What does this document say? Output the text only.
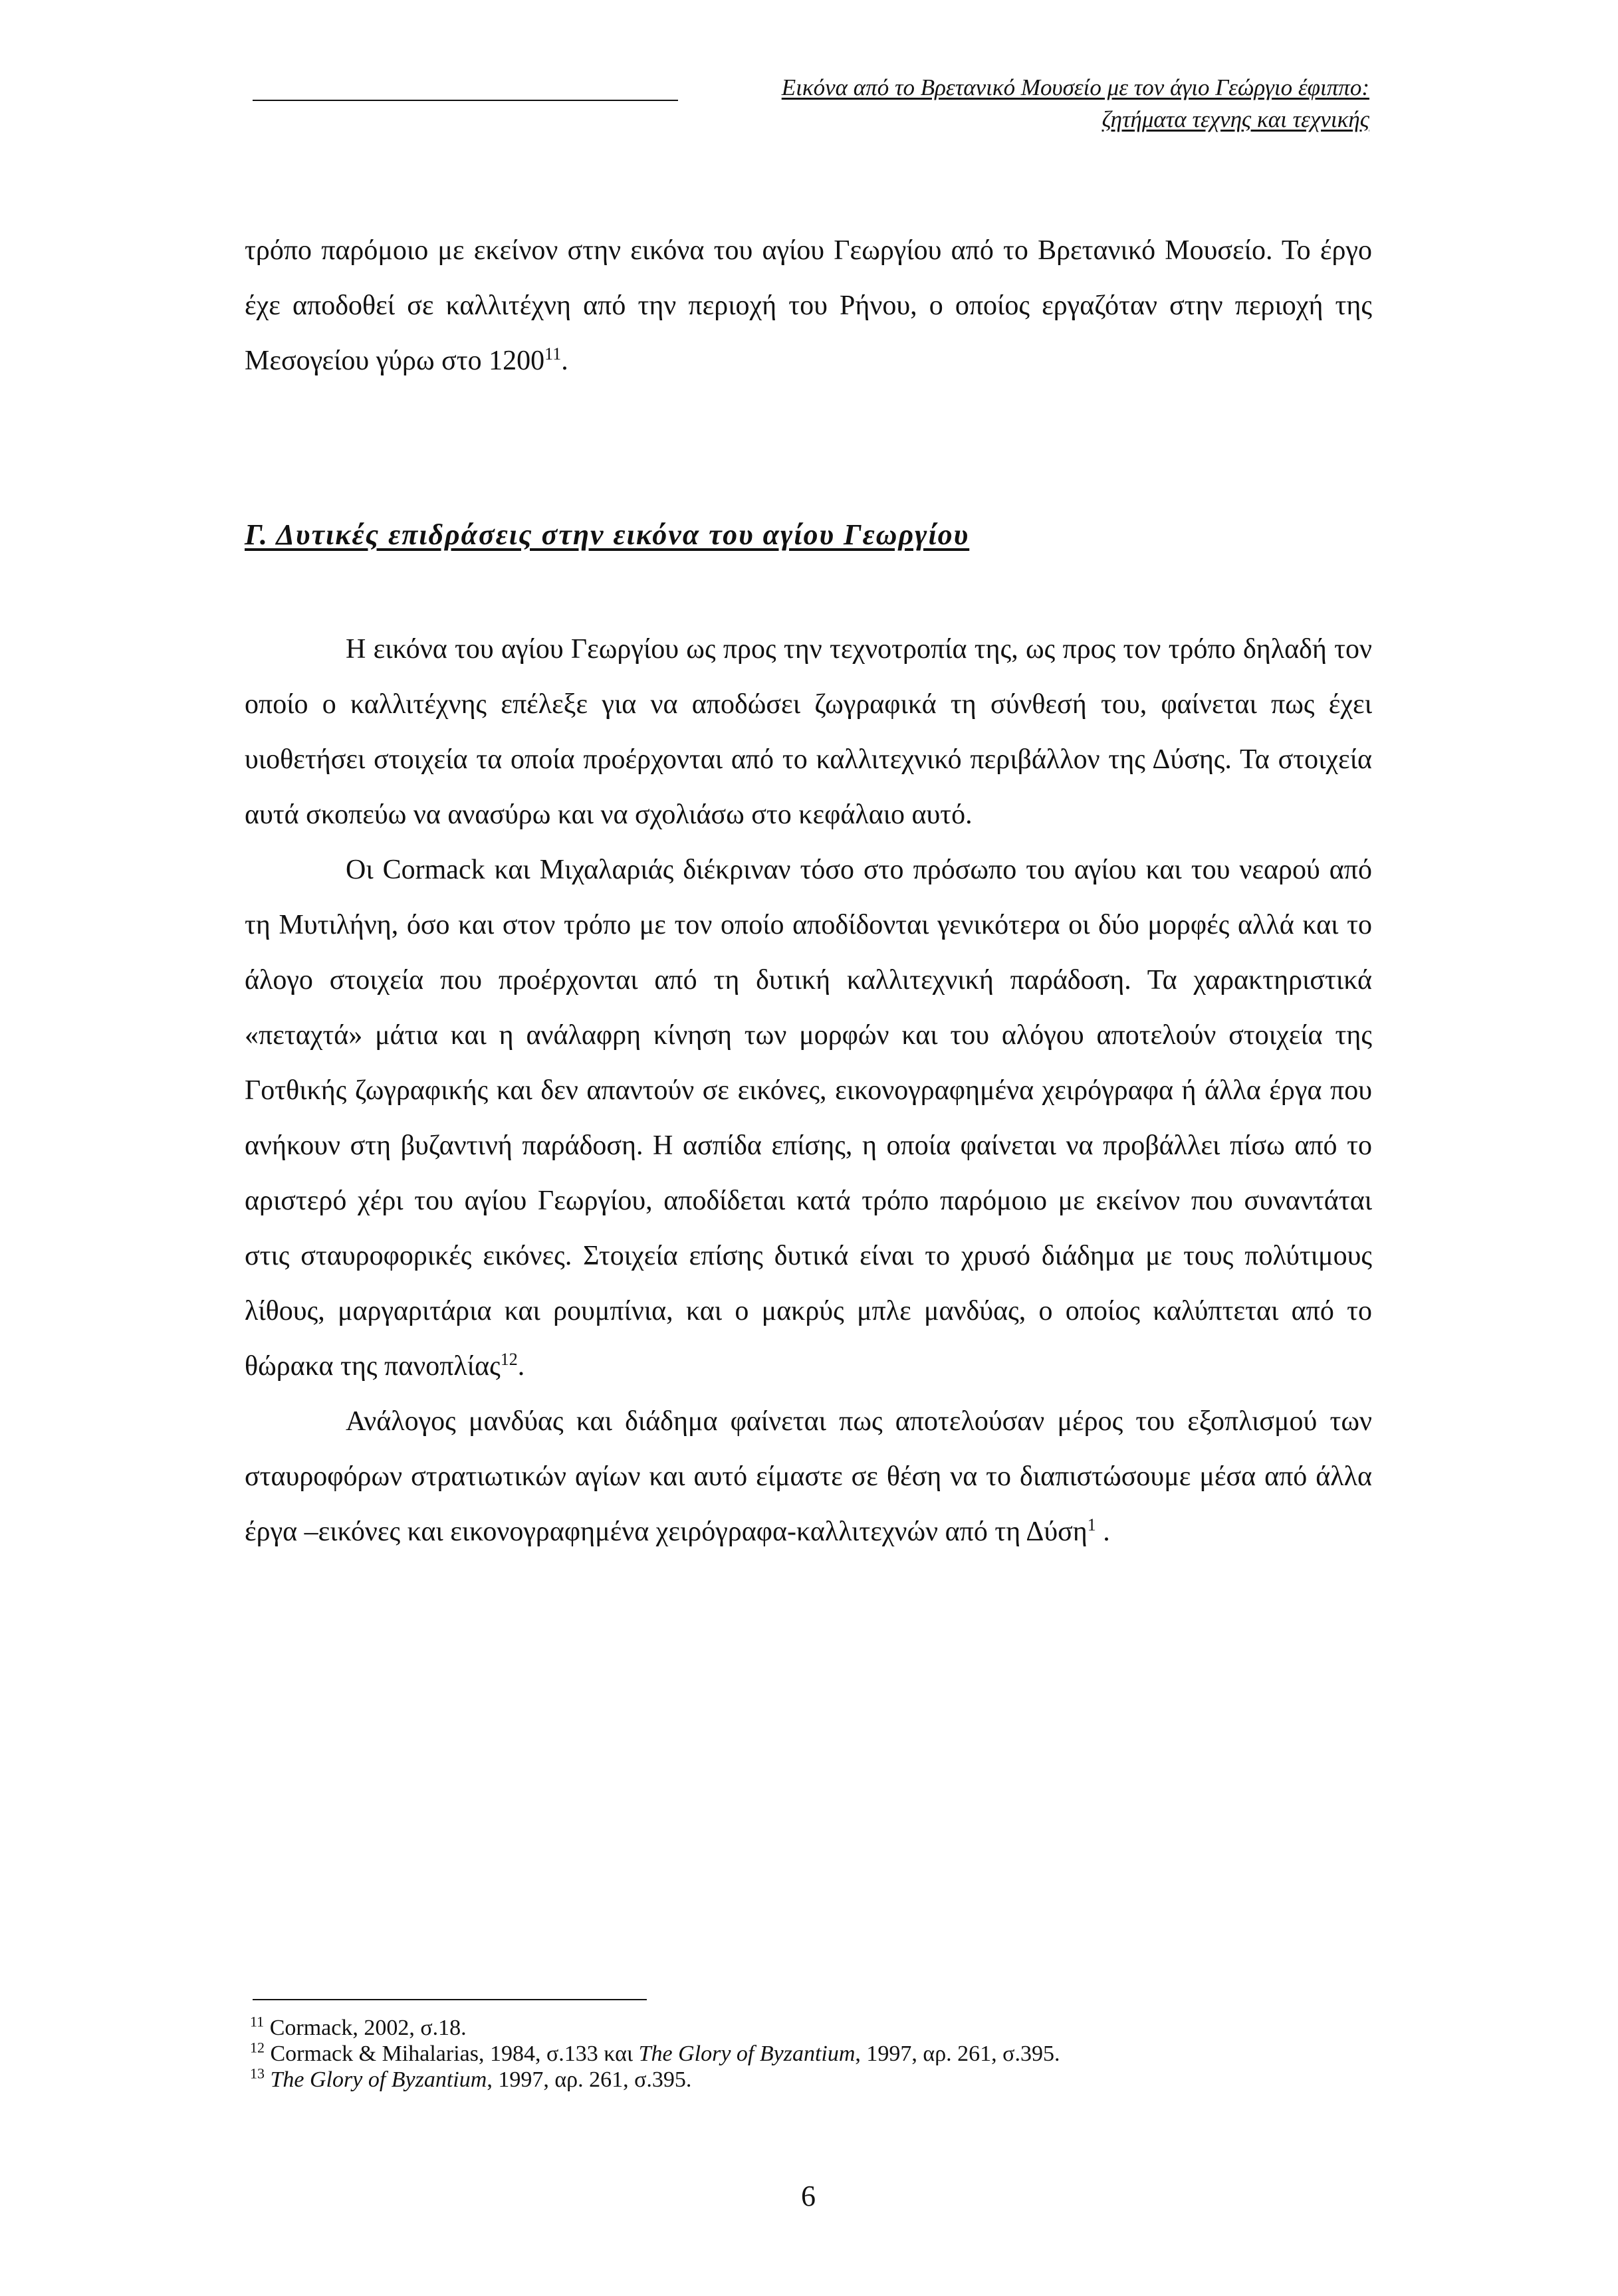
Εικόνα από το Βρετανικό Μουσείο με τον άγιο Γεώργιο έφιππο:
ζητήματα τεχνης και τεχνικής

τρόπο παρόμοιο με εκείνον στην εικόνα του αγίου Γεωργίου από το Βρετανικό Μουσείο. Το έργο έχε αποδοθεί σε καλλιτέχνη από την περιοχή του Ρήνου, ο οποίος εργαζόταν στην περιοχή της Μεσογείου γύρω στο 1200$^{11}$.

Γ. Δυτικές επιδράσεις στην εικόνα του αγίου Γεωργίου

Η εικόνα του αγίου Γεωργίου ως προς την τεχνοτροπία της, ως προς τον τρόπο δηλαδή τον οποίο ο καλλιτέχνης επέλεξε για να αποδώσει ζωγραφικά τη σύνθεσή του, φαίνεται πως έχει υιοθετήσει στοιχεία τα οποία προέρχονται από το καλλιτεχνικό περιβάλλον της Δύσης. Τα στοιχεία αυτά σκοπεύω να ανασύρω και να σχολιάσω στο κεφάλαιο αυτό.

Οι Cormack και Μιχαλαριάς διέκριναν τόσο στο πρόσωπο του αγίου και του νεαρού από τη Μυτιλήνη, όσο και στον τρόπο με τον οποίο αποδίδονται γενικότερα οι δύο μορφές αλλά και το άλογο στοιχεία που προέρχονται από τη δυτική καλλιτεχνική παράδοση. Τα χαρακτηριστικά «πεταχτά» μάτια και η ανάλαφρη κίνηση των μορφών και του αλόγου αποτελούν στοιχεία της Γοτθικής ζωγραφικής και δεν απαντούν σε εικόνες, εικονογραφημένα χειρόγραφα ή άλλα έργα που ανήκουν στη βυζαντινή παράδοση. Η ασπίδα επίσης, η οποία φαίνεται να προβάλλει πίσω από το αριστερό χέρι του αγίου Γεωργίου, αποδίδεται κατά τρόπο παρόμοιο με εκείνον που συναντάται στις σταυροφορικές εικόνες. Στοιχεία επίσης δυτικά είναι το χρυσό διάδημα με τους πολύτιμους λίθους, μαργαριτάρια και ρουμπίνια, και ο μακρύς μπλε μανδύας, ο οποίος καλύπτεται από το θώρακα της πανοπλίας$^{12}$.

Ανάλογος μανδύας και διάδημα φαίνεται πως αποτελούσαν μέρος του εξοπλισμού των σταυροφόρων στρατιωτικών αγίων και αυτό είμαστε σε θέση να το διαπιστώσουμε μέσα από άλλα έργα –εικόνες και εικονογραφημένα χειρόγραφα-καλλιτεχνών από τη Δύση$^1$ .

$^{11}$ Cormack, 2002, σ.18.
$^{12}$ Cormack & Mihalarias, 1984, σ.133 και The Glory of Byzantium, 1997, αρ. 261, σ.395.
$^{13}$ The Glory of Byzantium, 1997, αρ. 261, σ.395.
6
